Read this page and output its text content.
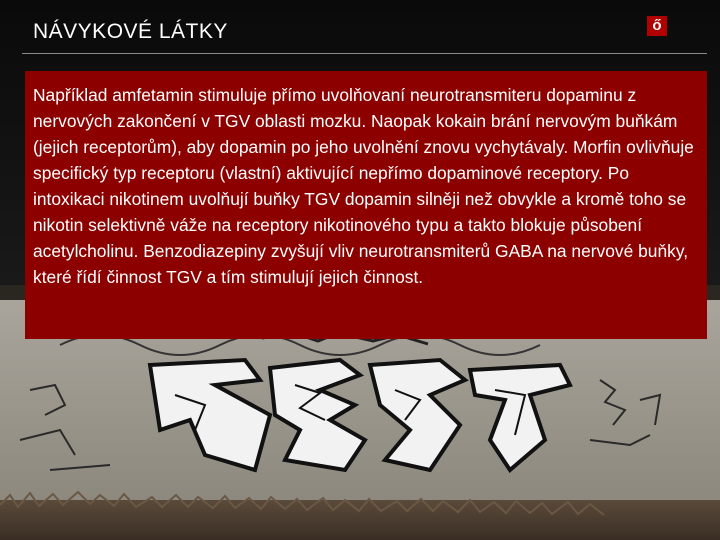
NÁVYKOVÉ LÁTKY	ő

Například amfetamin stimuluje přímo uvolňovaní neurotransmiteru dopaminu z nervových zakončení v TGV oblasti mozku. Naopak kokain brání nervovým buňkám (jejich receptorům), aby dopamin po jeho uvolnění znovu vychytávaly. Morfin ovlivňuje specifický typ receptoru (vlastní) aktivující nepřímo dopaminové receptory. Po intoxikaci nikotinem uvolňují buňky TGV dopamin silněji než obvykle a kromě toho se nikotin selektivně váže na receptory nikotinového typu a takto blokuje působení acetylcholinu. Benzodiazepiny zvyšují vliv neurotransmiterů GABA na nervové buňky, které řídí činnost TGV a tím stimulují jejich činnost.
